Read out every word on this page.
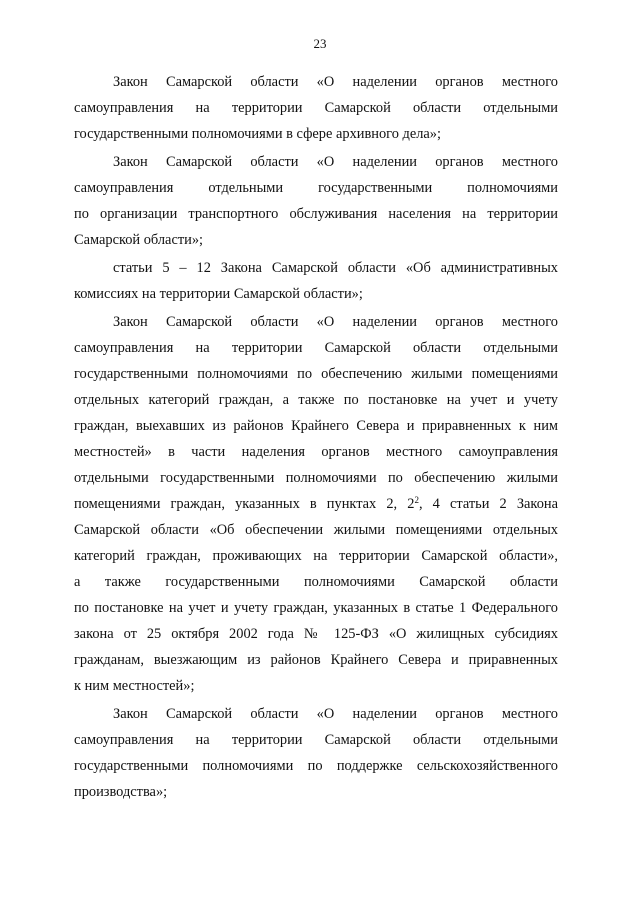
23

Закон Самарской области «О наделении органов местного
самоуправления на территории Самарской области отдельными
государственными полномочиями в сфере архивного дела»;

Закон Самарской области «О наделении органов местного
самоуправления отдельными государственными полномочиями
по организации транспортного обслуживания населения на территории
Самарской области»;

статьи 5 – 12 Закона Самарской области «Об административных
комиссиях на территории Самарской области»;

Закон Самарской области «О наделении органов местного
самоуправления на территории Самарской области отдельными
государственными полномочиями по обеспечению жилыми помещениями
отдельных категорий граждан, а также по постановке на учет и учету
граждан, выехавших из районов Крайнего Севера и приравненных к ним
местностей» в части наделения органов местного самоуправления
отдельными государственными полномочиями по обеспечению жилыми
помещениями граждан, указанных в пунктах 2, $2^2$, 4 статьи 2 Закона
Самарской области «Об обеспечении жилыми помещениями отдельных
категорий граждан, проживающих на территории Самарской области»,
а также государственными полномочиями Самарской области
по постановке на учет и учету граждан, указанных в статье 1 Федерального
закона от 25 октября 2002 года № 125-ФЗ «О жилищных субсидиях
гражданам, выезжающим из районов Крайнего Севера и приравненных
к ним местностей»;

Закон Самарской области «О наделении органов местного
самоуправления на территории Самарской области отдельными
государственными полномочиями по поддержке сельскохозяйственного
производства»;
